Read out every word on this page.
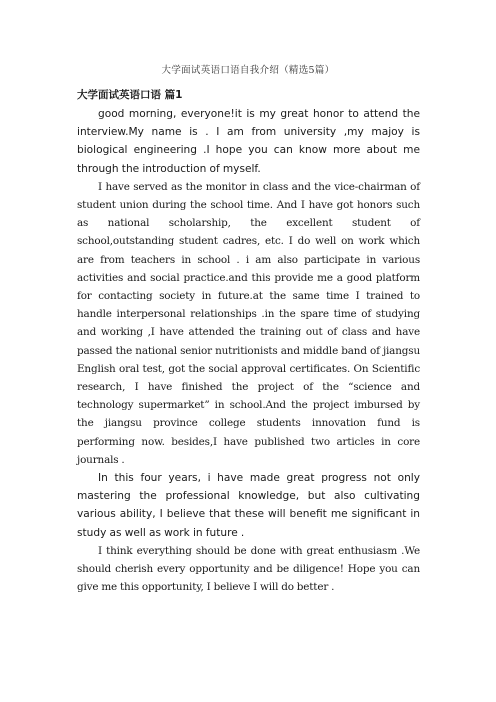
大学面试英语口语自我介绍（精选5篇）
大学面试英语口语 篇1

good morning, everyone!it is my great honor to attend the interview.My name is . I am from university ,my majoy is biological engineering .I hope you can know more about me through the introduction of myself.

I have served as the monitor in class and the vice-chairman of student union during the school time. And I have got honors such as national scholarship, the excellent student of school,outstanding student cadres, etc. I do well on work which are from teachers in school . i am also participate in various activities and social practice.and this provide me a good platform for contacting society in future.at the same time I trained to handle interpersonal relationships .in the spare time of studying and working ,I have attended the training out of class and have passed the national senior nutritionists and middle band of jiangsu English oral test, got the social approval certificates. On Scientific research, I have finished the project of the “science and technology supermarket” in school.And the project imbursed by the jiangsu province college students innovation fund is performing now. besides,I have published two articles in core journals .

In this four years, i have made great progress not only mastering the professional knowledge, but also cultivating various ability, I believe that these will benefit me significant in study as well as work in future .

I think everything should be done with great enthusiasm .We should cherish every opportunity and be diligence! Hope you can give me this opportunity, I believe I will do better .
